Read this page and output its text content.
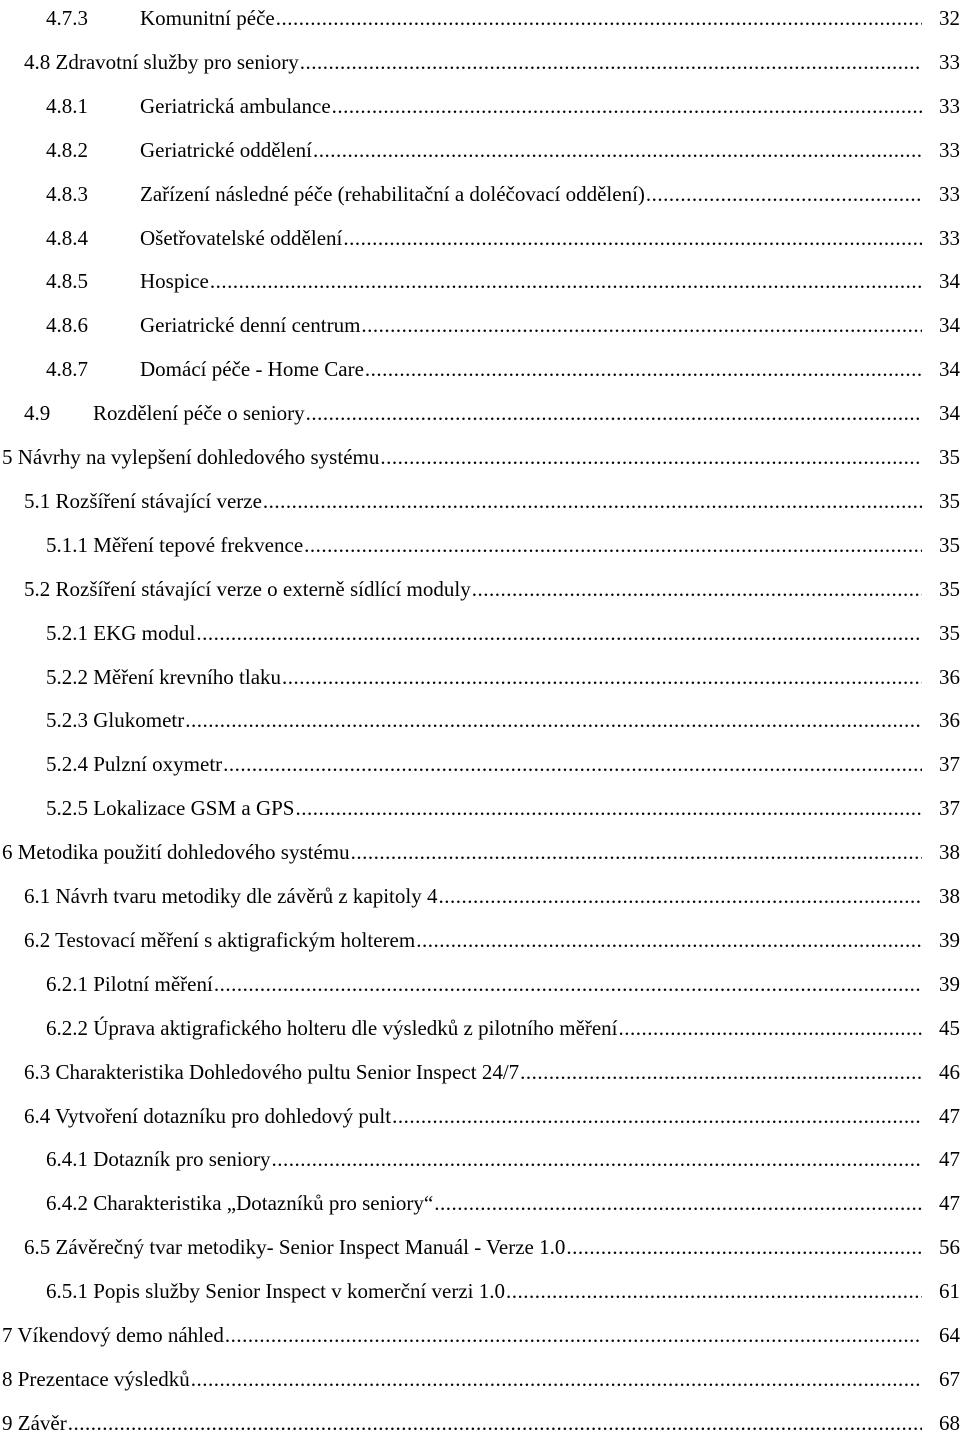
4.7.3 Komunitní péče .....	32
4.8 Zdravotní služby pro seniory .....	33
4.8.1 Geriatrická ambulance .....	33
4.8.2 Geriatrické oddělení .....	33
4.8.3 Zařízení následné péče (rehabilitační a doléčovací oddělení) .....	33
4.8.4 Ošetřovatelské oddělení .....	33
4.8.5 Hospice .....	34
4.8.6 Geriatrické denní centrum .....	34
4.8.7 Domácí péče - Home Care .....	34
4.9 Rozdělení péče o seniory .....	34
5 Návrhy na vylepšení dohledového systému .....	35
5.1 Rozšíření stávající verze .....	35
5.1.1 Měření tepové frekvence .....	35
5.2 Rozšíření stávající verze o externě sídlící moduly .....	35
5.2.1 EKG modul .....	35
5.2.2 Měření krevního tlaku .....	36
5.2.3 Glukometr .....	36
5.2.4 Pulzní oxymetr .....	37
5.2.5 Lokalizace GSM a GPS .....	37
6 Metodika použití dohledového systému .....	38
6.1 Návrh tvaru metodiky dle závěrů z kapitoly 4 .....	38
6.2 Testovací měření s aktigrafickým holterem .....	39
6.2.1 Pilotní měření .....	39
6.2.2 Úprava aktigrafického holteru dle výsledků z pilotního měření .....	45
6.3 Charakteristika Dohledového pultu Senior Inspect 24/7 .....	46
6.4 Vytvoření dotazníku pro dohledový pult .....	47
6.4.1 Dotazník pro seniory .....	47
6.4.2 Charakteristika „Dotazníků pro seniory“ .....	47
6.5 Závěrečný tvar metodiky- Senior Inspect Manuál - Verze 1.0 .....	56
6.5.1 Popis služby Senior Inspect v komerční verzi 1.0 .....	61
7 Víkendový demo náhled .....	64
8 Prezentace výsledků .....	67
9 Závěr .....	68
